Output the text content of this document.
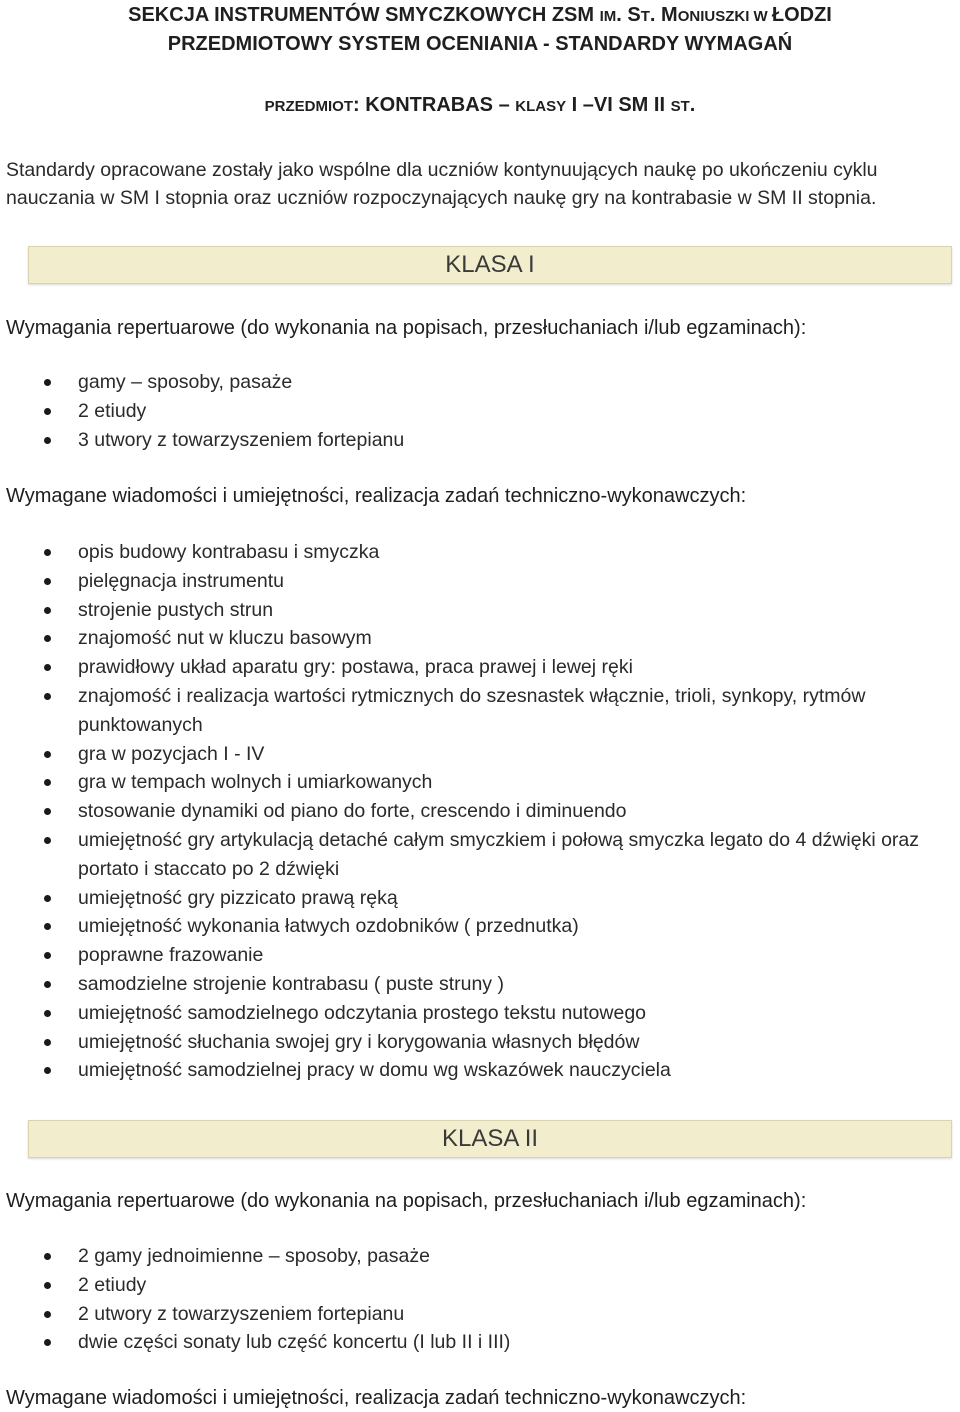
SEKCJA INSTRUMENTÓW SMYCZKOWYCH ZSM IM. ST. MONIUSZKI W ŁODZI
PRZEDMIOTOWY SYSTEM OCENIANIA - STANDARDY WYMAGAŃ
PRZEDMIOT: KONTRABAS – KLASY I –VI SM II ST.
Standardy opracowane zostały jako wspólne dla uczniów kontynuujących naukę po ukończeniu cyklu nauczania w SM I stopnia oraz uczniów rozpoczynających naukę gry na kontrabasie w SM II stopnia.
KLASA I
Wymagania repertuarowe (do wykonania na popisach, przesłuchaniach i/lub egzaminach):
gamy – sposoby, pasaże
2 etiudy
3 utwory z towarzyszeniem fortepianu
Wymagane wiadomości i umiejętności, realizacja zadań techniczno-wykonawczych:
opis budowy kontrabasu i smyczka
pielęgnacja instrumentu
strojenie pustych strun
znajomość nut w kluczu basowym
prawidłowy układ aparatu gry: postawa, praca prawej i lewej ręki
znajomość i realizacja wartości rytmicznych do szesnastek włącznie, trioli, synkopy, rytmów punktowanych
gra w pozycjach I - IV
gra w tempach wolnych i umiarkowanych
stosowanie dynamiki od piano do forte, crescendo i diminuendo
umiejętność gry artykulacją detaché całym smyczkiem i połową smyczka legato do 4 dźwięki oraz portato i staccato po 2 dźwięki
umiejętność gry pizzicato prawą ręką
umiejętność wykonania łatwych ozdobników ( przednutka)
poprawne frazowanie
samodzielne strojenie kontrabasu ( puste struny )
umiejętność samodzielnego odczytania prostego tekstu nutowego
umiejętność słuchania swojej gry i korygowania własnych błędów
umiejętność samodzielnej pracy w domu wg wskazówek nauczyciela
KLASA II
Wymagania repertuarowe (do wykonania na popisach, przesłuchaniach i/lub egzaminach):
2 gamy jednoimienne – sposoby, pasaże
2 etiudy
2 utwory z towarzyszeniem fortepianu
dwie części sonaty lub część koncertu (I lub II i III)
Wymagane wiadomości i umiejętności, realizacja zadań techniczno-wykonawczych:
